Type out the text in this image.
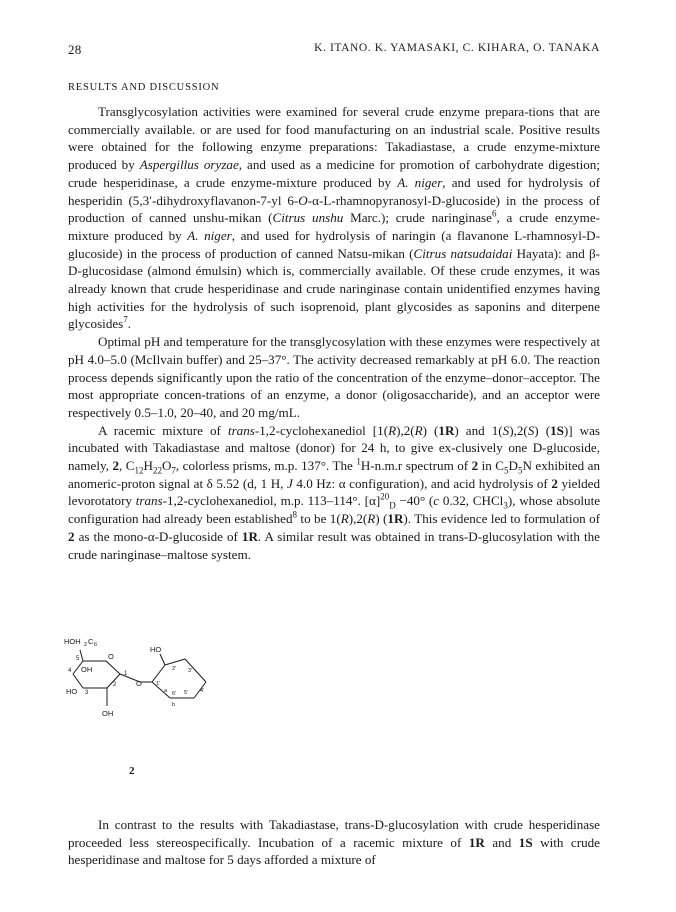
28	K. ITANO. K. YAMASAKI, C. KIHARA, O. TANAKA
RESULTS AND DISCUSSION

Transglycosylation activities were examined for several crude enzyme prepara-tions that are commercially available. or are used for food manufacturing on an industrial scale. Positive results were obtained for the following enzyme preparations: Takadiastase, a crude enzyme-mixture produced by Aspergillus oryzae, and used as a medicine for promotion of carbohydrate digestion; crude hesperidinase, a crude enzyme-mixture produced by A. niger, and used for hydrolysis of hesperidin (5,3′-dihydroxyflavanon-7-yl 6-O-α-L-rhamnopyranosyl-D-glucoside) in the process of production of canned unshu-mikan (Citrus unshu Marc.); crude naringinase$^6$, a crude enzyme-mixture produced by A. niger, and used for hydrolysis of naringin (a flavanone L-rhamnosyl-D-glucoside) in the process of production of canned Natsu-mikan (Citrus natsudaidai Hayata): and β-D-glucosidase (almond émulsin) which is, commercially available. Of these crude enzymes, it was already known that crude hesperidinase and crude naringinase contain unidentified enzymes having high activities for the hydrolysis of such isoprenoid, plant glycosides as saponins and diterpene glycosides$^7$.

Optimal pH and temperature for the transglycosylation with these enzymes were respectively at pH 4.0–5.0 (McIlvain buffer) and 25–37°. The activity decreased remarkably at pH 6.0. The reaction process depends significantly upon the ratio of the concentration of the enzyme–donor–acceptor. The most appropriate concen-trations of an enzyme, a donor (oligosaccharide), and an acceptor were respectively 0.5–1.0, 20–40, and 20 mg/mL.

A racemic mixture of trans-1,2-cyclohexanediol [1(R),2(R) (1R) and 1(S),2(S) (1S)] was incubated with Takadiastase and maltose (donor) for 24 h, to give ex-clusively one D-glucoside, namely, 2, $C_{12}H_{22}O_7$, colorless prisms, m.p. 137°. The $^1$H-n.m.r spectrum of 2 in $C_5D_5N$ exhibited an anomeric-proton signal at δ 5.52 (d, 1 H, J 4.0 Hz: α configuration), and acid hydrolysis of 2 yielded levorotatory trans-1,2-cyclohexanediol, m.p. 113–114°. $[\alpha]^{20}_D -40^\circ$ (c 0.32, CHCl$_3$), whose absolute configuration had already been established$^8$ to be 1(R),2(R) (1R). This evidence led to formulation of 2 as the mono-α-D-glucoside of 1R. A similar result was obtained in trans-D-glucosylation with the crude naringinase–maltose system.

HOH 2 C 6
5	O
4 OH
HO 3
2
1
OH
O
HO
2'
1'
3'
4'
5'
6'
a
b
2

In contrast to the results with Takadiastase, trans-D-glucosylation with crude hesperidinase proceeded less stereospecifically. Incubation of a racemic mixture of 1R and 1S with crude hesperidinase and maltose for 5 days afforded a mixture of
